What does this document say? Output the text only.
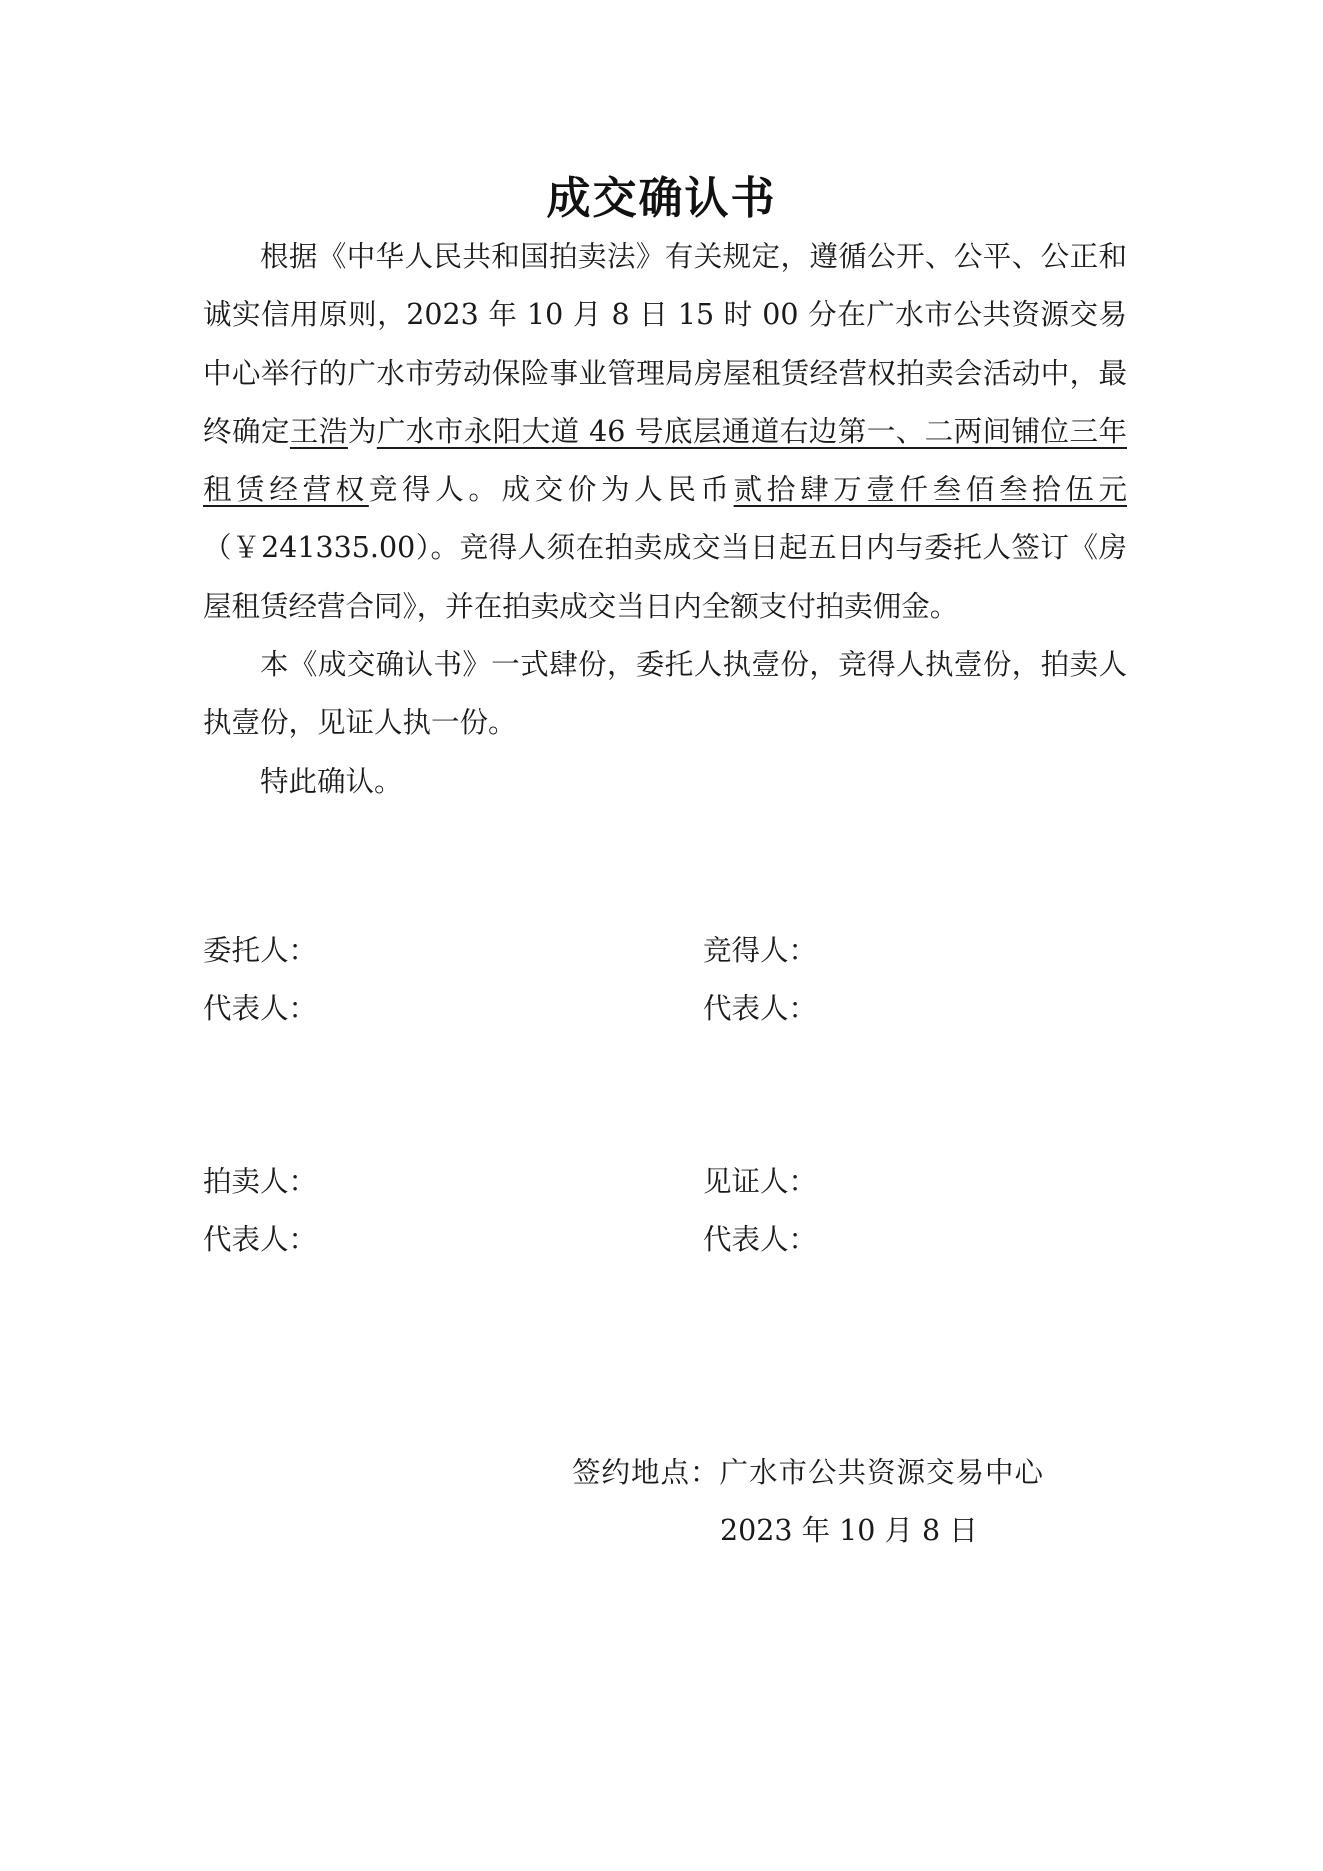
成交确认书

根据《中华人民共和国拍卖法》有关规定，遵循公开、公平、公正和诚实信用原则，2023 年 10 月 8 日 15 时 00 分在广水市公共资源交易中心举行的广水市劳动保险事业管理局房屋租赁经营权拍卖会活动中，最终确定王浩为广水市永阳大道 46 号底层通道右边第一、二两间铺位三年租赁经营权竞得人。成交价为人民币贰拾肆万壹仟叁佰叁拾伍元（￥241335.00）。竞得人须在拍卖成交当日起五日内与委托人签订《房屋租赁经营合同》，并在拍卖成交当日内全额支付拍卖佣金。

本《成交确认书》一式肆份，委托人执壹份，竞得人执壹份，拍卖人执壹份，见证人执一份。

特此确认。

委托人：
代表人：
竞得人：
代表人：
拍卖人：
代表人：
见证人：
代表人：
签约地点：广水市公共资源交易中心
2023 年 10 月 8 日
